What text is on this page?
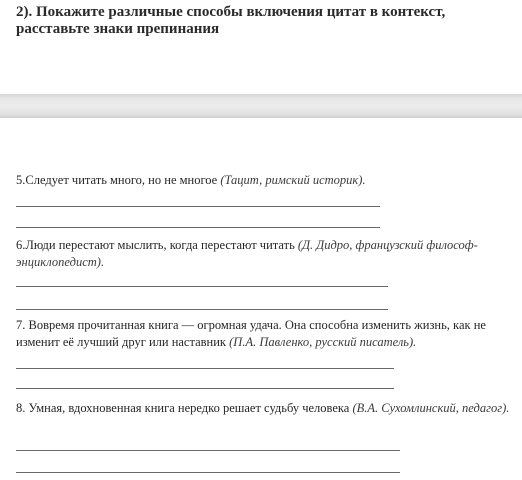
2). Покажите различные способы включения цитат в контекст, расставьте знаки препинания

5.Следует читать много, но не многое (Тацит, римский историк).
6.Люди перестают мыслить, когда перестают читать (Д. Дидро, французский философ-энциклопедист).
7. Вовремя прочитанная книга — огромная удача. Она способна изменить жизнь, как не изменит её лучший друг или наставник (П.А. Павленко, русский писатель).
8. Умная, вдохновенная книга нередко решает судьбу человека (В.А. Сухомлинский, педагог).
